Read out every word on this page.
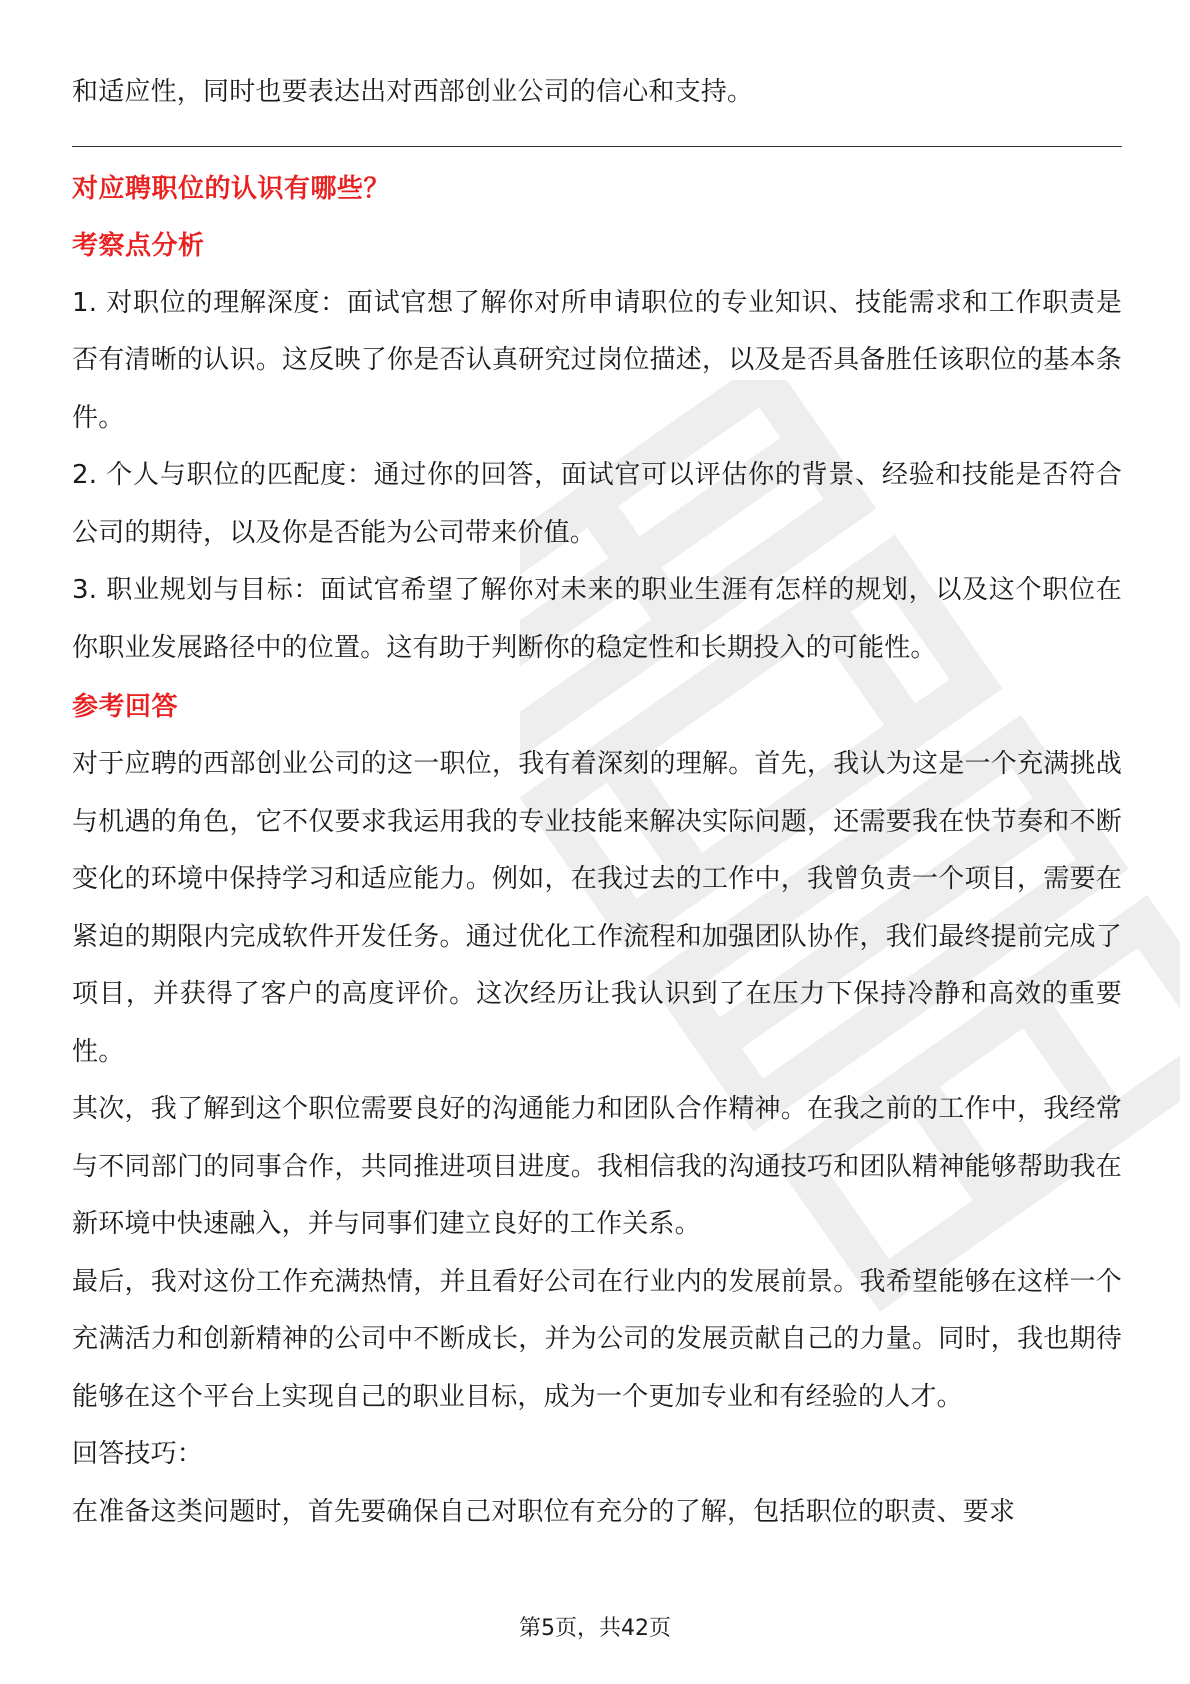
和适应性，同时也要表达出对西部创业公司的信心和支持。

对应聘职位的认识有哪些？

考察点分析

1. 对职位的理解深度：面试官想了解你对所申请职位的专业知识、技能需求和工作职责是否有清晰的认识。这反映了你是否认真研究过岗位描述，以及是否具备胜任该职位的基本条件。

2. 个人与职位的匹配度：通过你的回答，面试官可以评估你的背景、经验和技能是否符合公司的期待，以及你是否能为公司带来价值。

3. 职业规划与目标：面试官希望了解你对未来的职业生涯有怎样的规划，以及这个职位在你职业发展路径中的位置。这有助于判断你的稳定性和长期投入的可能性。

参考回答

对于应聘的西部创业公司的这一职位，我有着深刻的理解。首先，我认为这是一个充满挑战与机遇的角色，它不仅要求我运用我的专业技能来解决实际问题，还需要我在快节奏和不断变化的环境中保持学习和适应能力。例如，在我过去的工作中，我曾负责一个项目，需要在紧迫的期限内完成软件开发任务。通过优化工作流程和加强团队协作，我们最终提前完成了项目，并获得了客户的高度评价。这次经历让我认识到了在压力下保持冷静和高效的重要性。

其次，我了解到这个职位需要良好的沟通能力和团队合作精神。在我之前的工作中，我经常与不同部门的同事合作，共同推进项目进度。我相信我的沟通技巧和团队精神能够帮助我在新环境中快速融入，并与同事们建立良好的工作关系。

最后，我对这份工作充满热情，并且看好公司在行业内的发展前景。我希望能够在这样一个充满活力和创新精神的公司中不断成长，并为公司的发展贡献自己的力量。同时，我也期待能够在这个平台上实现自己的职业目标，成为一个更加专业和有经验的人才。

回答技巧：

在准备这类问题时，首先要确保自己对职位有充分的了解，包括职位的职责、要求

第5页，共42页
